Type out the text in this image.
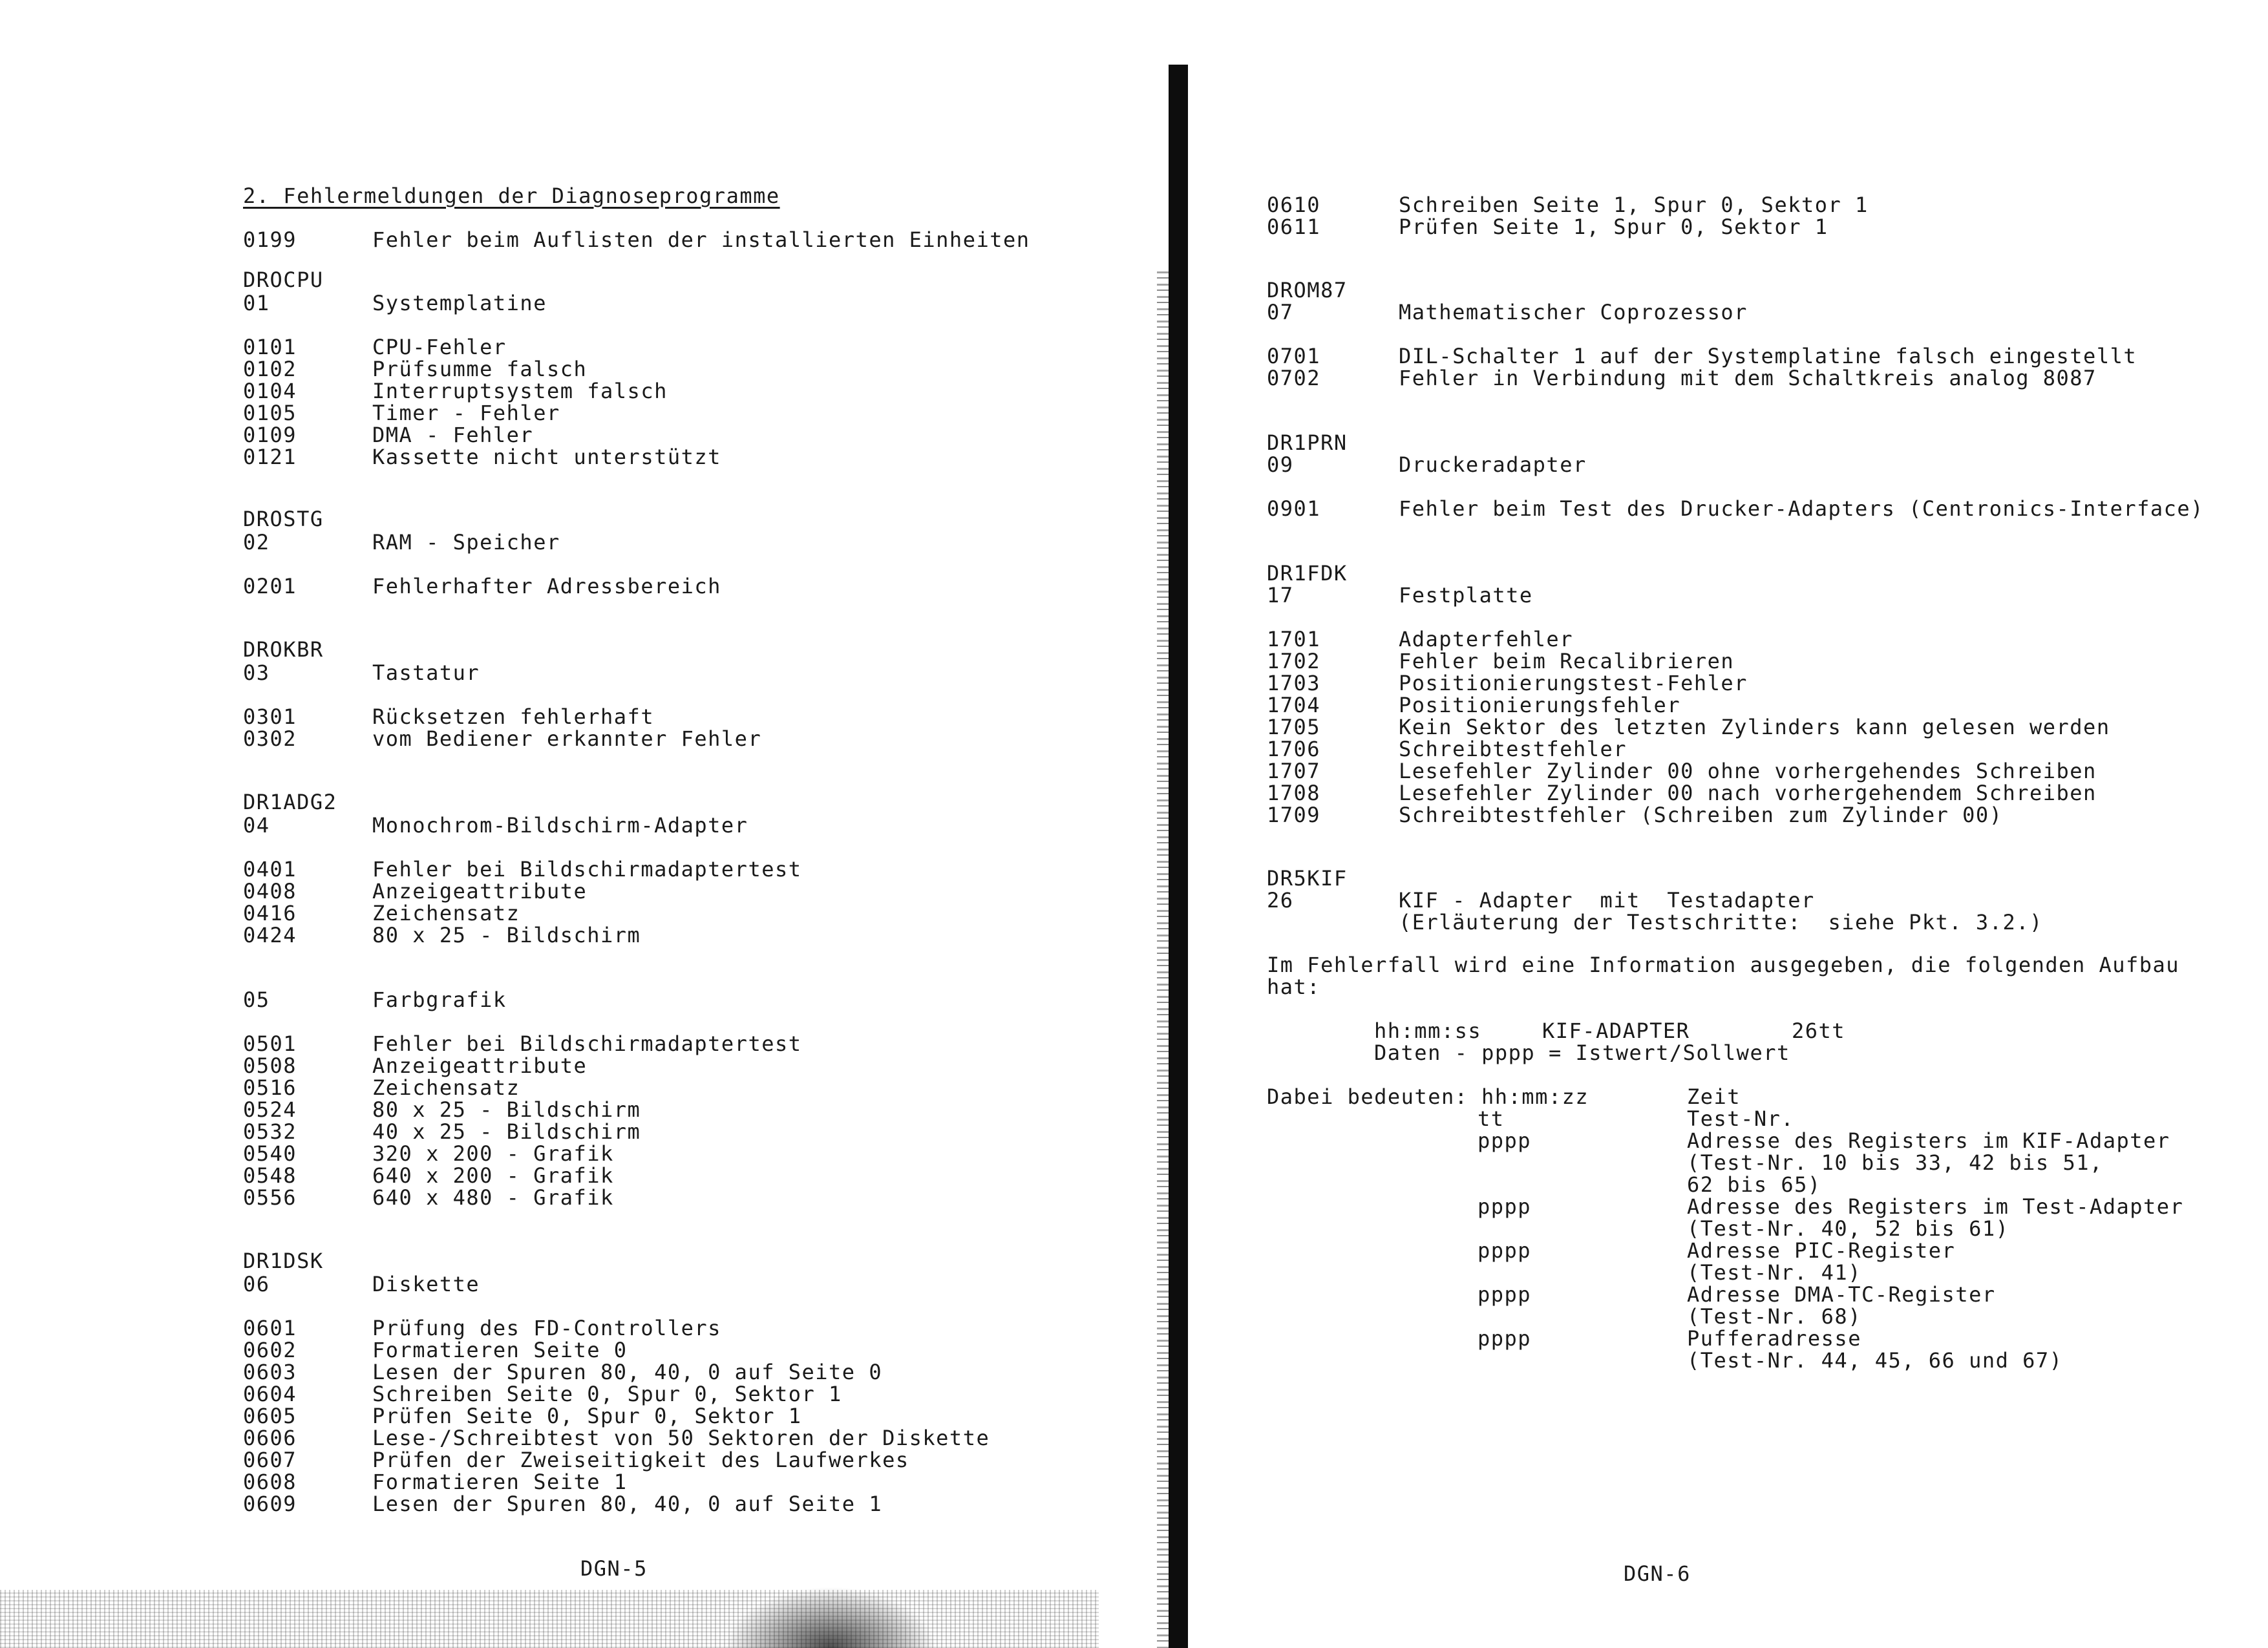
2. Fehlermeldungen der Diagnoseprogramme

0199	Fehler beim Auflisten der installierten Einheiten

DROCPU

01	Systemplatine

0101	CPU-Fehler

0102	Prüfsumme falsch

0104	Interruptsystem falsch

0105	Timer - Fehler

0109	DMA - Fehler

0121	Kassette nicht unterstützt

DROSTG

02	RAM - Speicher

0201	Fehlerhafter Adressbereich

DROKBR

03	Tastatur

0301	Rücksetzen fehlerhaft

0302	vom Bediener erkannter Fehler

DR1ADG2

04	Monochrom-Bildschirm-Adapter

0401	Fehler bei Bildschirmadaptertest

0408	Anzeigeattribute

0416	Zeichensatz

0424	80 x 25 - Bildschirm

05	Farbgrafik

0501	Fehler bei Bildschirmadaptertest

0508	Anzeigeattribute

0516	Zeichensatz

0524	80 x 25 - Bildschirm

0532	40 x 25 - Bildschirm

0540	320 x 200 - Grafik

0548	640 x 200 - Grafik

0556	640 x 480 - Grafik

DR1DSK

06	Diskette

0601	Prüfung des FD-Controllers

0602	Formatieren Seite 0

0603	Lesen der Spuren 80, 40, 0 auf Seite 0

0604	Schreiben Seite 0, Spur 0, Sektor 1

0605	Prüfen Seite 0, Spur 0, Sektor 1

0606	Lese-/Schreibtest von 50 Sektoren der Diskette

0607	Prüfen der Zweiseitigkeit des Laufwerkes

0608	Formatieren Seite 1

0609	Lesen der Spuren 80, 40, 0 auf Seite 1

DGN-5

0610	Schreiben Seite 1, Spur 0, Sektor 1

0611	Prüfen Seite 1, Spur 0, Sektor 1

DROM87

07	Mathematischer Coprozessor

0701	DIL-Schalter 1 auf der Systemplatine falsch eingestellt

0702	Fehler in Verbindung mit dem Schaltkreis analog 8087

DR1PRN

09	Druckeradapter

0901	Fehler beim Test des Drucker-Adapters (Centronics-Interface)

DR1FDK

17	Festplatte

1701	Adapterfehler

1702	Fehler beim Recalibrieren

1703	Positionierungstest-Fehler

1704	Positionierungsfehler

1705	Kein Sektor des letzten Zylinders kann gelesen werden

1706	Schreibtestfehler

1707	Lesefehler Zylinder 00 ohne vorhergehendes Schreiben

1708	Lesefehler Zylinder 00 nach vorhergehendem Schreiben

1709	Schreibtestfehler (Schreiben zum Zylinder 00)

DR5KIF

26	KIF - Adapter  mit  Testadapter

(Erläuterung der Testschritte:  siehe Pkt. 3.2.)

Im Fehlerfall wird eine Information ausgegeben, die folgenden Aufbau

hat:

hh:mm:ss	KIF-ADAPTER	26tt

Daten - pppp = Istwert/Sollwert

Dabei bedeuten: hh:mm:zz	Zeit

tt	Test-Nr.

pppp	Adresse des Registers im KIF-Adapter

(Test-Nr. 10 bis 33, 42 bis 51,

62 bis 65)

pppp	Adresse des Registers im Test-Adapter

(Test-Nr. 40, 52 bis 61)

pppp	Adresse PIC-Register

(Test-Nr. 41)

pppp	Adresse DMA-TC-Register

(Test-Nr. 68)

pppp	Pufferadresse

(Test-Nr. 44, 45, 66 und 67)

DGN-6
